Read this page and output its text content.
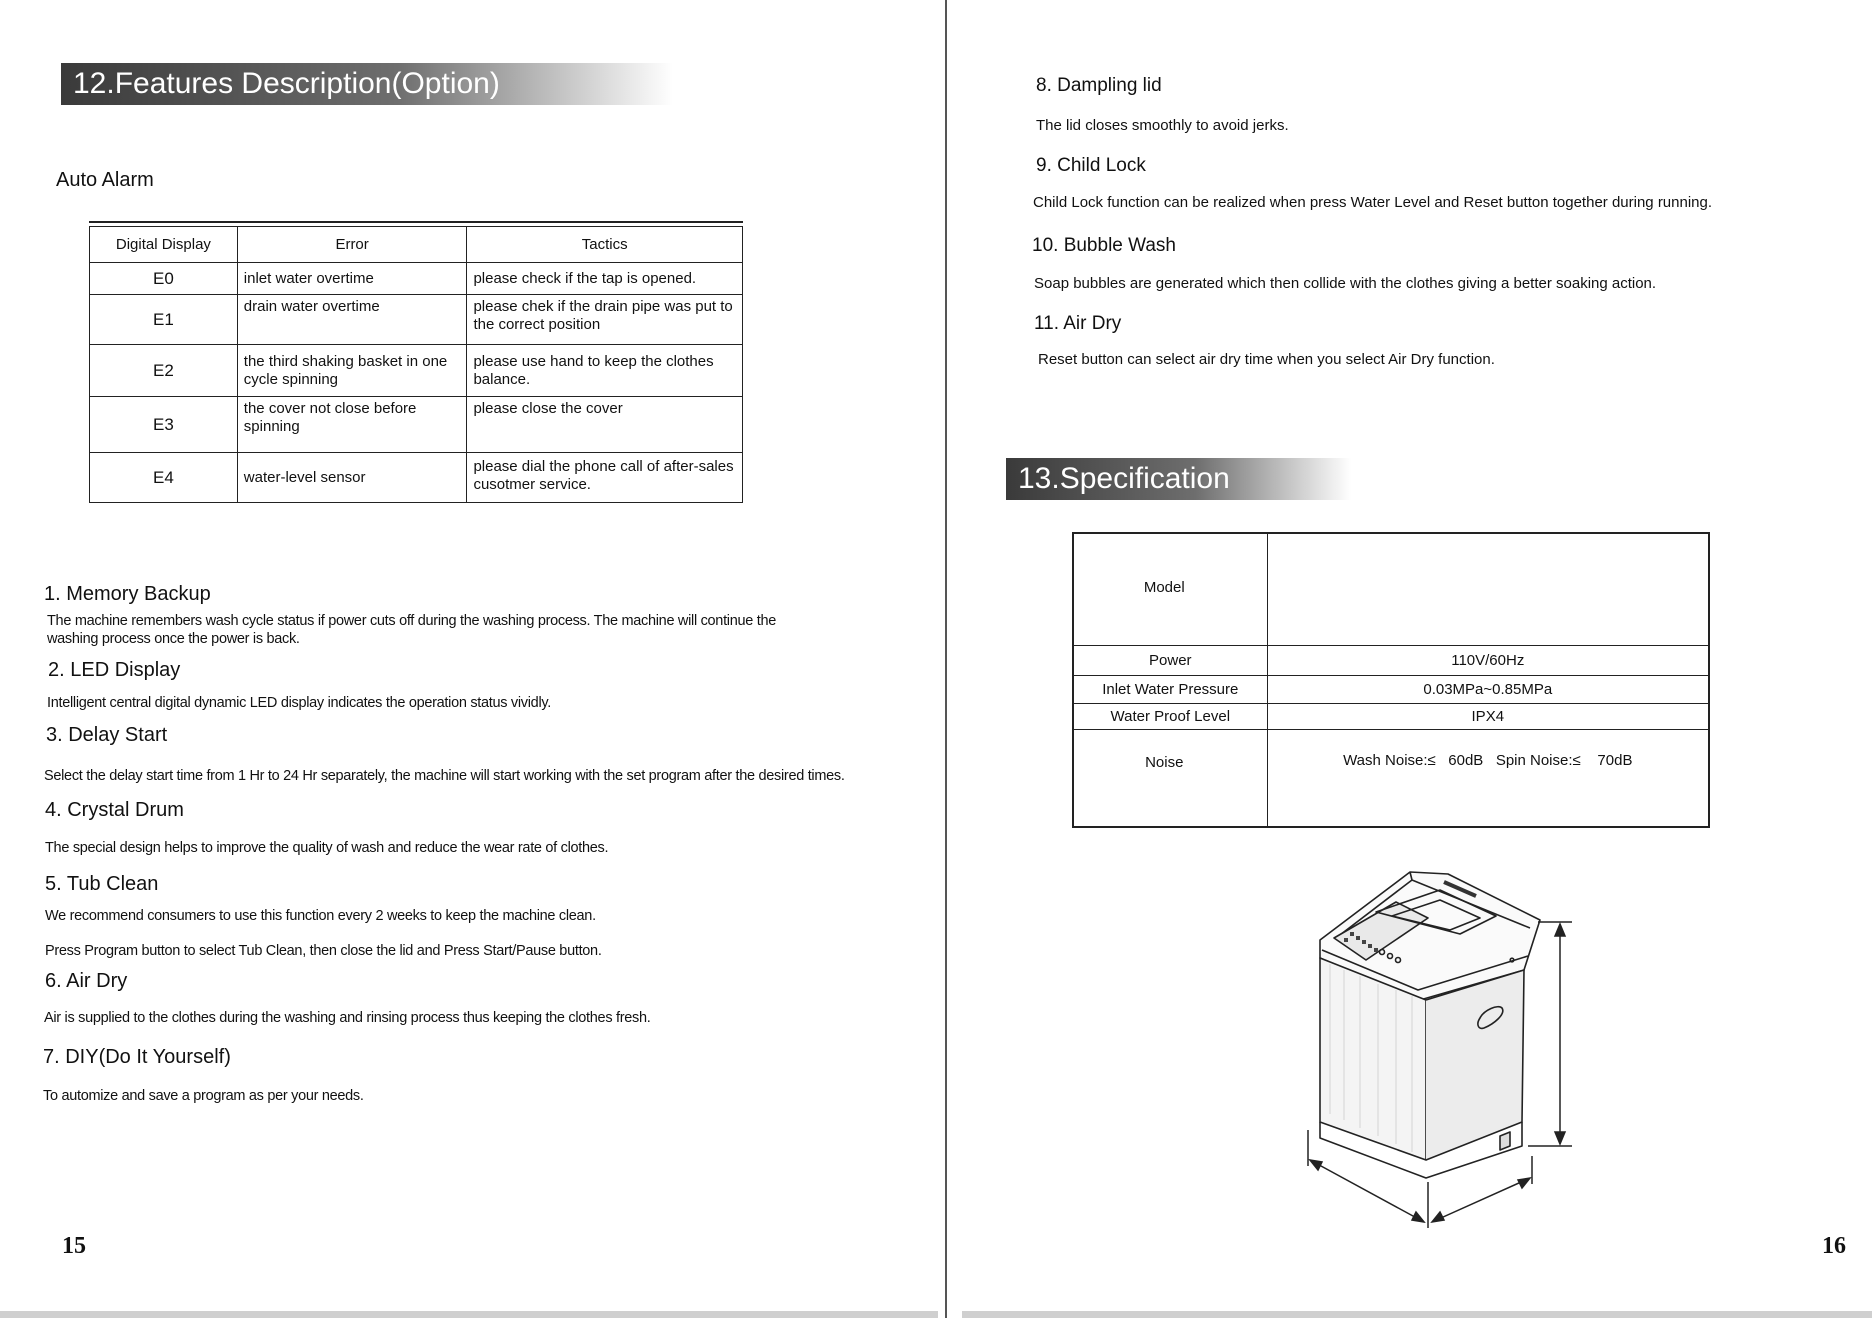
12.Features Description(Option)
Auto Alarm
Digital Display	Error	Tactics
E0	inlet water overtime	please check if the tap is opened.
E1	drain water overtime	please chek if the drain pipe was put to the correct position
E2	the third shaking basket in one cycle spinning	please use hand to keep the clothes balance.
E3	the cover not close before spinning	please close the cover
E4	water-level sensor	please dial the phone call of after-sales cusotmer service.
1. Memory Backup
The machine remembers wash cycle status if power cuts off during the washing process. The machine will continue the
washing process once the power is back.
2. LED Display
Intelligent central digital dynamic LED display indicates the operation status vividly.
3. Delay Start
Select the delay start time from 1 Hr to 24 Hr separately, the machine will start working with the set program after the desired times.
4. Crystal Drum
The special design helps to improve the quality of wash and reduce the wear rate of clothes.
5. Tub Clean
We recommend consumers to use this function every 2 weeks to keep the machine clean.
Press Program button to select Tub Clean, then close the lid and Press Start/Pause button.
6. Air Dry
Air is supplied to the clothes during the washing and rinsing process thus keeping the clothes fresh.
7. DIY(Do It Yourself)
To automize and save a program as per your needs.
15
8. Dampling lid
The lid closes smoothly to avoid jerks.
9. Child Lock
Child Lock function can be realized when press Water Level and Reset button together during running.
10. Bubble Wash
Soap bubbles are generated which then collide with the clothes giving a better soaking action.
11. Air Dry
Reset button can select air dry time when you select Air Dry function.
13.Specification
Model	
Power	110V/60Hz
Inlet Water Pressure	0.03MPa~0.85MPa
Water Proof Level	IPX4
Noise	Wash Noise:≤   60dB   Spin Noise:≤    70dB
16
